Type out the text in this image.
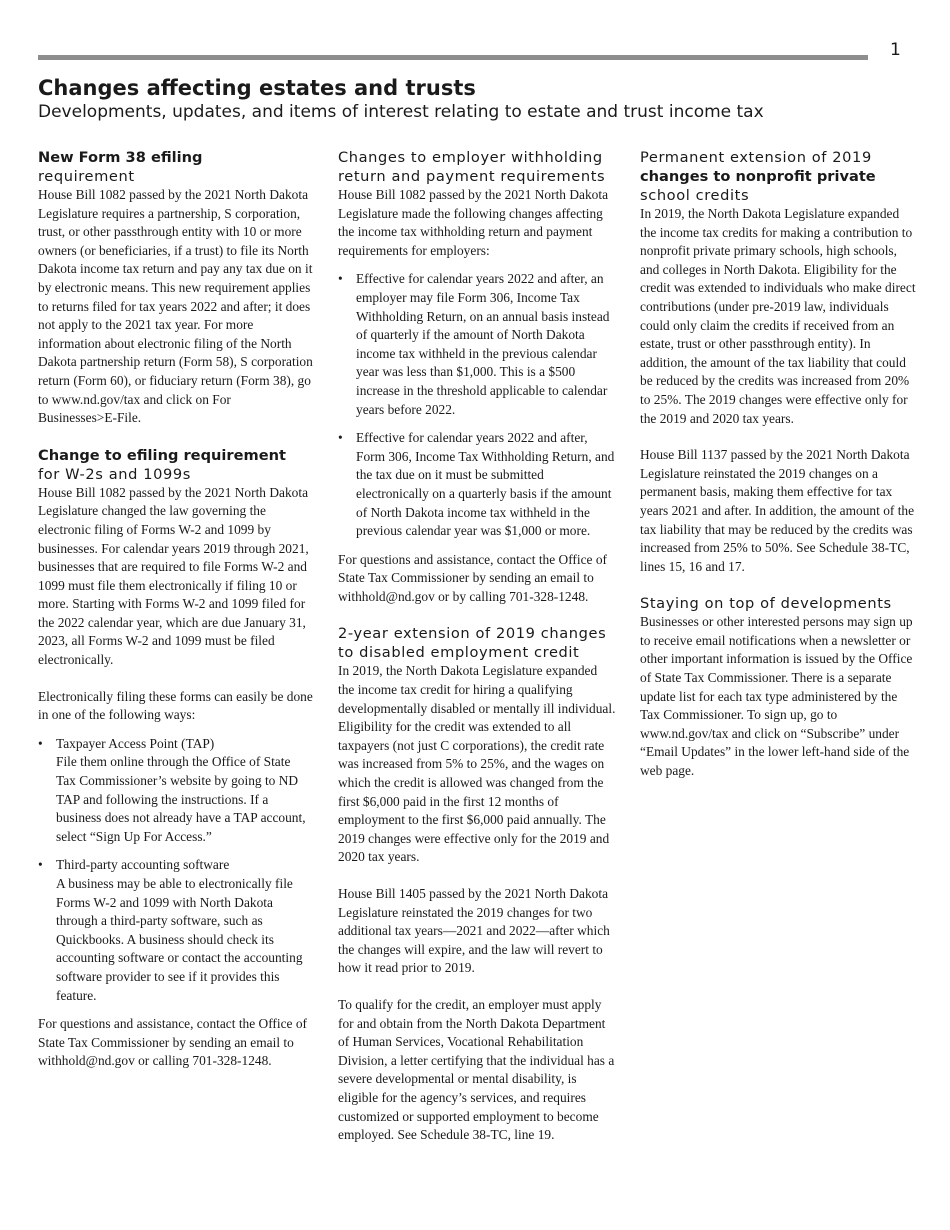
1
Changes affecting estates and trusts
Developments, updates, and items of interest relating to estate and trust income tax
New Form 38 efiling
requirement

House Bill 1082 passed by the 2021 North Dakota Legislature requires a partnership, S corporation, trust, or other passthrough entity with 10 or more owners (or beneficiaries, if a trust) to file its North Dakota income tax return and pay any tax due on it by electronic means. This new requirement applies to returns filed for tax years 2022 and after; it does not apply to the 2021 tax year. For more information about electronic filing of the North Dakota partnership return (Form 58), S corporation return (Form 60), or fiduciary return (Form 38), go to www.nd.gov/tax and click on For Businesses>E-File.

Change to efiling requirement
for W-2s and 1099s

House Bill 1082 passed by the 2021 North Dakota Legislature changed the law governing the electronic filing of Forms W-2 and 1099 by businesses. For calendar years 2019 through 2021, businesses that are required to file Forms W-2 and 1099 must file them electronically if filing 10 or more. Starting with Forms W-2 and 1099 filed for the 2022 calendar year, which are due January 31, 2023, all Forms W-2 and 1099 must be filed electronically.

Electronically filing these forms can easily be done in one of the following ways:

• Taxpayer Access Point (TAP)
File them online through the Office of State Tax Commissioner’s website by going to ND TAP and following the instructions. If a business does not already have a TAP account, select “Sign Up For Access.”
• Third-party accounting software
A business may be able to electronically file Forms W-2 and 1099 with North Dakota through a third-party software, such as Quickbooks. A business should check its accounting software or contact the accounting software provider to see if it provides this feature.

For questions and assistance, contact the Office of State Tax Commissioner by sending an email to withhold@nd.gov or calling 701-328-1248.

Changes to employer withholding return and payment requirements

House Bill 1082 passed by the 2021 North Dakota Legislature made the following changes affecting the income tax withholding return and payment requirements for employers:

• Effective for calendar years 2022 and after, an employer may file Form 306, Income Tax Withholding Return, on an annual basis instead of quarterly if the amount of North Dakota income tax withheld in the previous calendar year was less than $1,000. This is a $500 increase in the threshold applicable to calendar years before 2022.
• Effective for calendar years 2022 and after, Form 306, Income Tax Withholding Return, and the tax due on it must be submitted electronically on a quarterly basis if the amount of North Dakota income tax withheld in the previous calendar year was $1,000 or more.

For questions and assistance, contact the Office of State Tax Commissioner by sending an email to withhold@nd.gov or by calling 701-328-1248.

2-year extension of 2019 changes to disabled employment credit

In 2019, the North Dakota Legislature expanded the income tax credit for hiring a qualifying developmentally disabled or mentally ill individual. Eligibility for the credit was extended to all taxpayers (not just C corporations), the credit rate was increased from 5% to 25%, and the wages on which the credit is allowed was changed from the first $6,000 paid in the first 12 months of employment to the first $6,000 paid annually. The 2019 changes were effective only for the 2019 and 2020 tax years.

House Bill 1405 passed by the 2021 North Dakota Legislature reinstated the 2019 changes for two additional tax years—2021 and 2022—after which the changes will expire, and the law will revert to how it read prior to 2019.

To qualify for the credit, an employer must apply for and obtain from the North Dakota Department of Human Services, Vocational Rehabilitation Division, a letter certifying that the individual has a severe developmental or mental disability, is eligible for the agency’s services, and requires customized or supported employment to become employed. See Schedule 38-TC, line 19.

Permanent extension of 2019
changes to nonprofit private
school credits

In 2019, the North Dakota Legislature expanded the income tax credits for making a contribution to nonprofit private primary schools, high schools, and colleges in North Dakota. Eligibility for the credit was extended to individuals who make direct contributions (under pre-2019 law, individuals could only claim the credits if received from an estate, trust or other passthrough entity). In addition, the amount of the tax liability that could be reduced by the credits was increased from 20% to 25%. The 2019 changes were effective only for the 2019 and 2020 tax years.

House Bill 1137 passed by the 2021 North Dakota Legislature reinstated the 2019 changes on a permanent basis, making them effective for tax years 2021 and after. In addition, the amount of the tax liability that may be reduced by the credits was increased from 25% to 50%. See Schedule 38-TC, lines 15, 16 and 17.

Staying on top of developments

Businesses or other interested persons may sign up to receive email notifications when a newsletter or other important information is issued by the Office of State Tax Commissioner. There is a separate update list for each tax type administered by the Tax Commissioner. To sign up, go to www.nd.gov/tax and click on “Subscribe” under “Email Updates” in the lower left-hand side of the web page.
